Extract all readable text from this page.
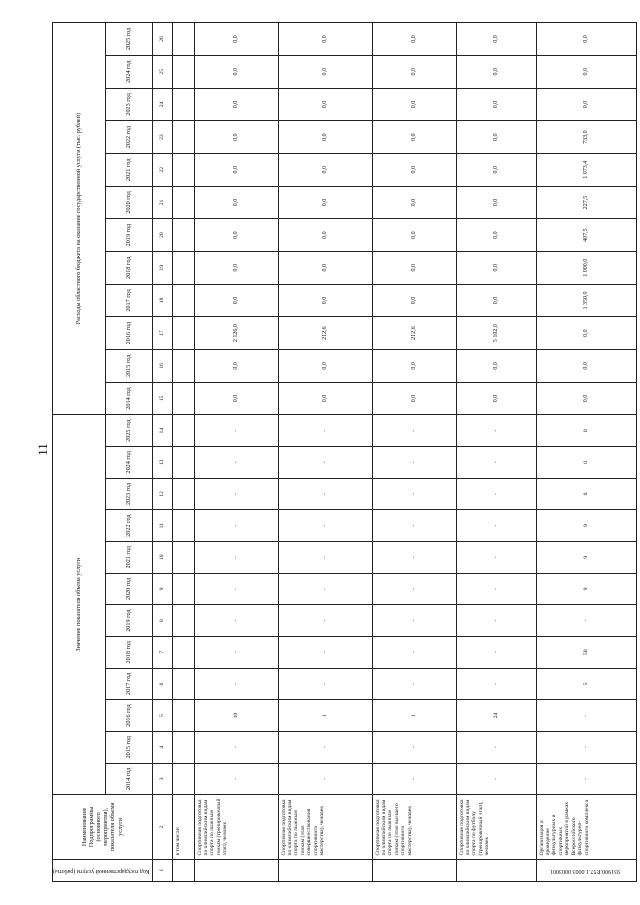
11
Код государственной услуги (работы)	Наименование Подпрограммы (основного мероприятия), показателя объема услуги	Значение показателя объема услуги												Расходы областного бюджета на оказание государственной услуги (тыс. рублей)											
		2014 год	2015 год	2016 год	2017 год	2018 год	2019 год	2020 год	2021 год	2022 год	2023 год	2024 год	2025 год	2014 год	2015 год	2016 год	2017 год	2018 год	2019 год	2020 год	2021 год	2022 год	2023 год	2024 год	2025 год
1	2	3	4	5	6	7	8	9	10	11	12	13	14	15	16	17	18	19	20	21	22	23	24	25	26
	в том числе:																								
	Спортивная подготовка по олимпийским видам спорта по лыжным гонкам (тренировочный этап), человек	-	-	10	-	-	-	-	-	-	-	-	-	0,0	0,0	2 126,0	0,0	0,0	0,0	0,0	0,0	0,0	0,0	0,0	0,0
	Спортивная подготовка по олимпийским видам спорта по лыжным гонкам (этап совершенствования спортивного мастерства), человек	-	-	1	-	-	-	-	-	-	-	-	-	0,0	0,0	212,6	0,0	0,0	0,0	0,0	0,0	0,0	0,0	0,0	0,0
	Спортивная подготовка по олимпийским видам спорта по лыжным гонкам (этап высшего спортивного мастерства), человек	-	-	1	-	-	-	-	-	-	-	-	-	0,0	0,0	212,6	0,0	0,0	0,0	0,0	0,0	0,0	0,0	0,0	0,0
	Спортивная подготовка по олимпийским видам спорта по футболу (тренировочный этап), человек	-	-	24	-	-	-	-	-	-	-	-	-	0,0	0,0	5 102,0	0,0	0,0	0,0	0,0	0,0	0,0	0,0	0,0	0,0
931900.Р.57.1.0003 0003001	Организация и проведение физкультурных и спортивных мероприятий в рамках Всероссийского физкультурно-спортивного комплекса	-	-	-	5	50	-	9	9	9	0	0	0	0,0	0,0	0,0	1 350,0	1 000,0	407,5	227,5	1 073,4	733,0	0,0	0,0	0,0
